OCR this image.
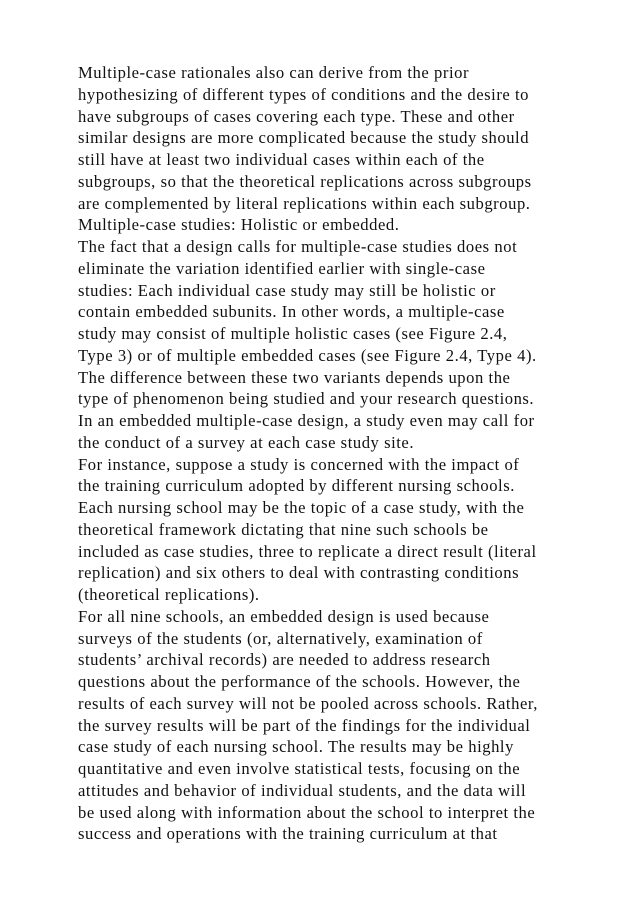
Multiple-case rationales also can derive from the prior
hypothesizing of different types of conditions and the desire to
have subgroups of cases covering each type. These and other
similar designs are more complicated because the study should
still have at least two individual cases within each of the
subgroups, so that the theoretical replications across subgroups
are complemented by literal replications within each subgroup.
Multiple-case studies: Holistic or embedded.
The fact that a design calls for multiple-case studies does not
eliminate the variation identified earlier with single-case
studies: Each individual case study may still be holistic or
contain embedded subunits. In other words, a multiple-case
study may consist of multiple holistic cases (see Figure 2.4,
Type 3) or of multiple embedded cases (see Figure 2.4, Type 4).
The difference between these two variants depends upon the
type of phenomenon being studied and your research questions.
In an embedded multiple-case design, a study even may call for
the conduct of a survey at each case study site.
For instance, suppose a study is concerned with the impact of
the training curriculum adopted by different nursing schools.
Each nursing school may be the topic of a case study, with the
theoretical framework dictating that nine such schools be
included as case studies, three to replicate a direct result (literal
replication) and six others to deal with contrasting conditions
(theoretical replications).
For all nine schools, an embedded design is used because
surveys of the students (or, alternatively, examination of
students’ archival records) are needed to address research
questions about the performance of the schools. However, the
results of each survey will not be pooled across schools. Rather,
the survey results will be part of the findings for the individual
case study of each nursing school. The results may be highly
quantitative and even involve statistical tests, focusing on the
attitudes and behavior of individual students, and the data will
be used along with information about the school to interpret the
success and operations with the training curriculum at that
